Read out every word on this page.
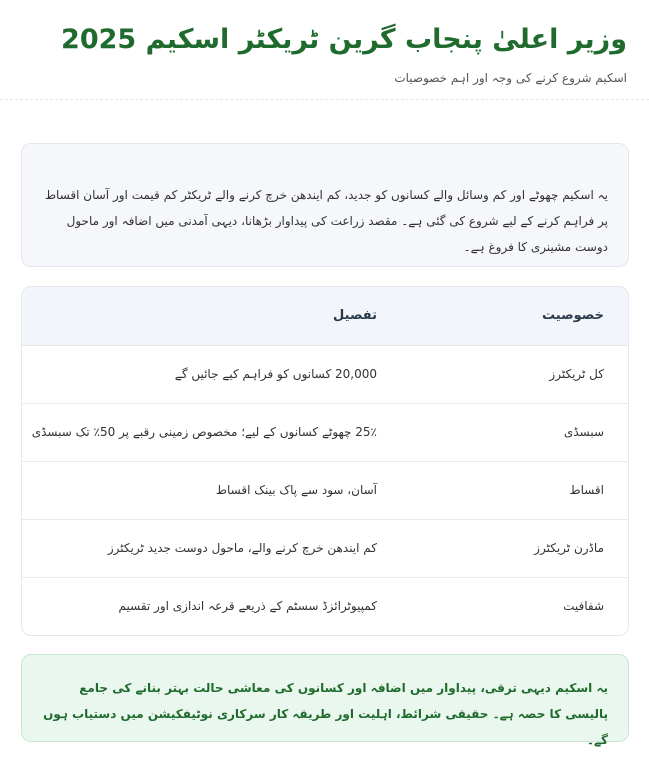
وزیر اعلیٰ پنجاب گرین ٹریکٹر اسکیم 2025

اسکیم شروع کرنے کی وجہ اور اہم خصوصیات

یہ اسکیم چھوٹے اور کم وسائل والے کسانوں کو جدید، کم ایندھن خرچ کرنے والے ٹریکٹر کم قیمت اور آسان اقساط پر فراہم کرنے کے لیے شروع کی گئی ہے۔ مقصد زراعت کی پیداوار بڑھانا، دیہی آمدنی میں اضافہ اور ماحول دوست مشینری کا فروغ ہے۔

خصوصیت	تفصیل
کل ٹریکٹرز	20,000 کسانوں کو فراہم کیے جائیں گے
سبسڈی	25٪ چھوٹے کسانوں کے لیے؛ مخصوص زمینی رقبے پر 50٪ تک سبسڈی
اقساط	آسان، سود سے پاک بینک اقساط
ماڈرن ٹریکٹرز	کم ایندھن خرچ کرنے والے، ماحول دوست جدید ٹریکٹرز
شفافیت	کمپیوٹرائزڈ سسٹم کے ذریعے قرعہ اندازی اور تقسیم

یہ اسکیم دیہی ترقی، پیداوار میں اضافہ اور کسانوں کی معاشی حالت بہتر بنانے کی جامع پالیسی کا حصہ ہے۔ حقیقی شرائط، اہلیت اور طریقہ کار سرکاری نوٹیفکیشن میں دستیاب ہوں گے۔
